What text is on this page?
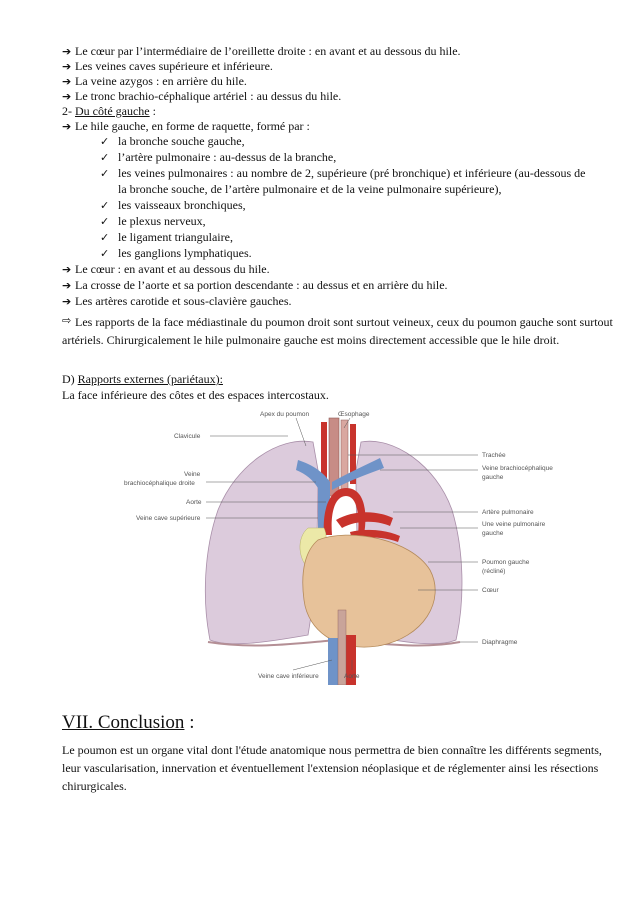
➔ Le cœur par l’intermédiaire de l’oreillette droite : en avant et au dessous du hile.
➔ Les veines caves supérieure et inférieure.
➔ La veine azygos : en arrière du hile.
➔ Le tronc brachio-céphalique artériel : au dessus du hile.
2- Du côté gauche :
➔ Le hile gauche, en forme de raquette, formé par :
✓ la bronche souche gauche,
✓ l’artère pulmonaire : au-dessus de la branche,
✓ les veines pulmonaires : au nombre de 2, supérieure (pré bronchique) et inférieure (au-dessous de
la bronche souche, de l’artère pulmonaire et de la veine pulmonaire supérieure),
✓ les vaisseaux bronchiques,
✓ le plexus nerveux,
✓ le ligament triangulaire,
✓ les ganglions lymphatiques.
➔ Le cœur : en avant et au dessous du hile.
➔ La crosse de l’aorte et sa portion descendante : au dessus et en arrière du hile.
➔ Les artères carotide et sous-clavière gauches.
Les rapports de la face médiastinale du poumon droit sont surtout veineux, ceux du poumon gauche sont surtout artériels. Chirurgicalement le hile pulmonaire gauche est moins directement accessible que le hile droit.
⇨
D) Rapports externes (pariétaux):
La face inférieure des côtes et des espaces intercostaux.
Apex du poumon	Œsophage
Clavicule
Veine
brachiocéphalique droite
Aorte
Veine cave supérieure
Trachée
Veine brachiocéphalique
gauche
Artère pulmonaire
Une veine pulmonaire
gauche
Poumon gauche
(récliné)
Cœur
Diaphragme
Veine cave inférieure	Aorte
VII. Conclusion :
Le poumon est un organe vital dont l'étude anatomique nous permettra de bien connaître les différents segments, leur vascularisation, innervation et éventuellement l'extension néoplasique et de réglementer ainsi les résections chirurgicales.
